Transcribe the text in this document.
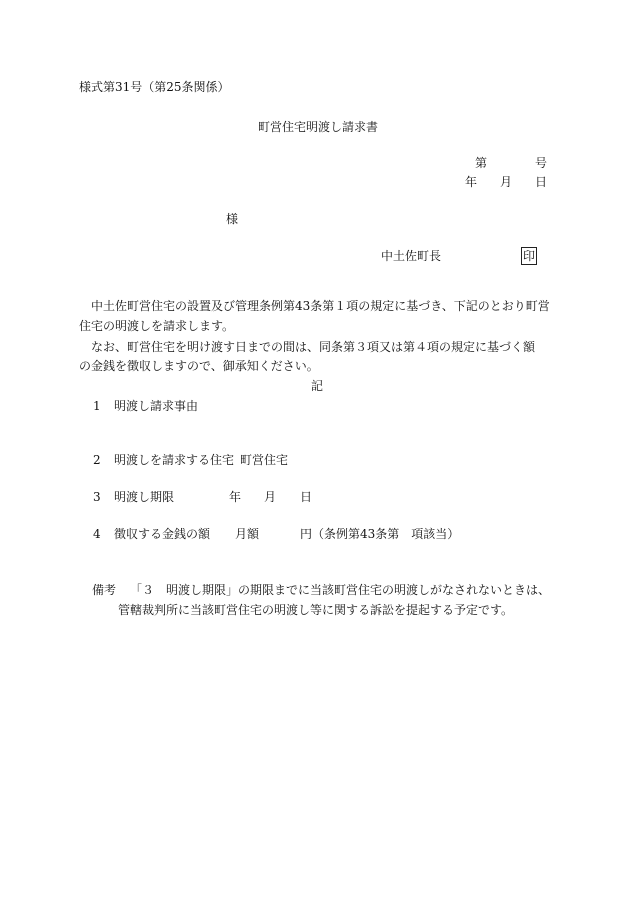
様式第31号（第25条関係）
町営住宅明渡し請求書
第	号
年 月 日
様
中土佐町長	印
中土佐町営住宅の設置及び管理条例第43条第１項の規定に基づき、下記のとおり町営
住宅の明渡しを請求します。
なお、町営住宅を明け渡す日までの間は、同条第３項又は第４項の規定に基づく額
の金銭を徴収しますので、御承知ください。
記
1 明渡し請求事由
2 明渡しを請求する住宅 町営住宅
3 明渡し期限	年 月 日
4 徴収する金銭の額 月額	円（条例第43条第　項該当）
備考 「３　明渡し期限」の期限までに当該町営住宅の明渡しがなされないときは、
管轄裁判所に当該町営住宅の明渡し等に関する訴訟を提起する予定です。
